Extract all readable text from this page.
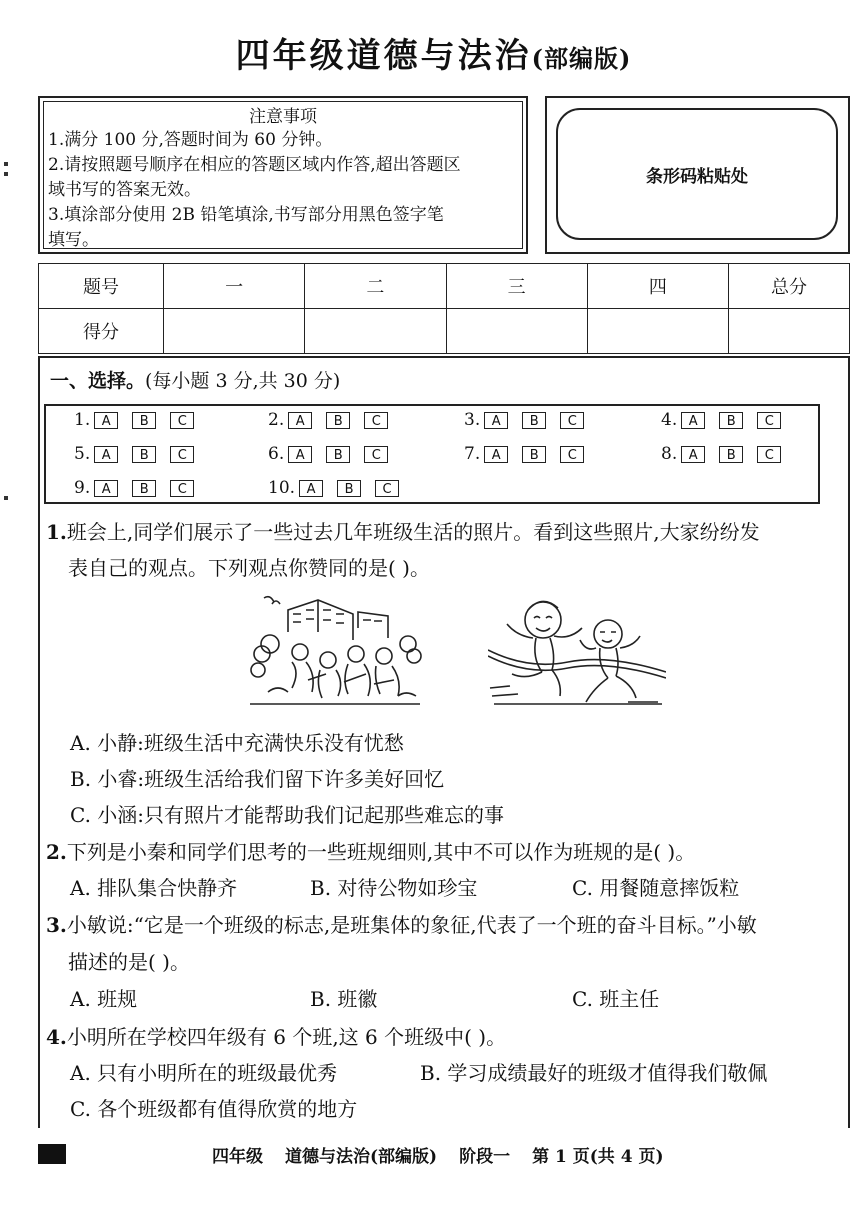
四年级道德与法治(部编版)
注意事项
1.满分 100 分,答题时间为 60 分钟。
2.请按照题号顺序在相应的答题区域内作答,超出答题区
域书写的答案无效。
3.填涂部分使用 2B 铅笔填涂,书写部分用黑色签字笔
填写。
条形码粘贴处
题号	一	二	三	四	总分
得分					
一、选择。(每小题 3 分,共 30 分)
1. A	B	C	2. A	B	C	3. A	B	C	4. A	B	C
5. A	B	C	6. A	B	C	7. A	B	C	8. A	B	C
9. A	B	C	10. A	B	C
1.班会上,同学们展示了一些过去几年班级生活的照片。看到这些照片,大家纷纷发
表自己的观点。下列观点你赞同的是( )。
A. 小静:班级生活中充满快乐没有忧愁
B. 小睿:班级生活给我们留下许多美好回忆
C. 小涵:只有照片才能帮助我们记起那些难忘的事
2.下列是小秦和同学们思考的一些班规细则,其中不可以作为班规的是( )。
A. 排队集合快静齐	B. 对待公物如珍宝	C. 用餐随意摔饭粒
3.小敏说:“它是一个班级的标志,是班集体的象征,代表了一个班的奋斗目标。”小敏
描述的是( )。
A. 班规	B. 班徽	C. 班主任
4.小明所在学校四年级有 6 个班,这 6 个班级中( )。
A. 只有小明所在的班级最优秀	B. 学习成绩最好的班级才值得我们敬佩
C. 各个班级都有值得欣赏的地方
四年级 道德与法治(部编版) 阶段一 第 1 页(共 4 页)
